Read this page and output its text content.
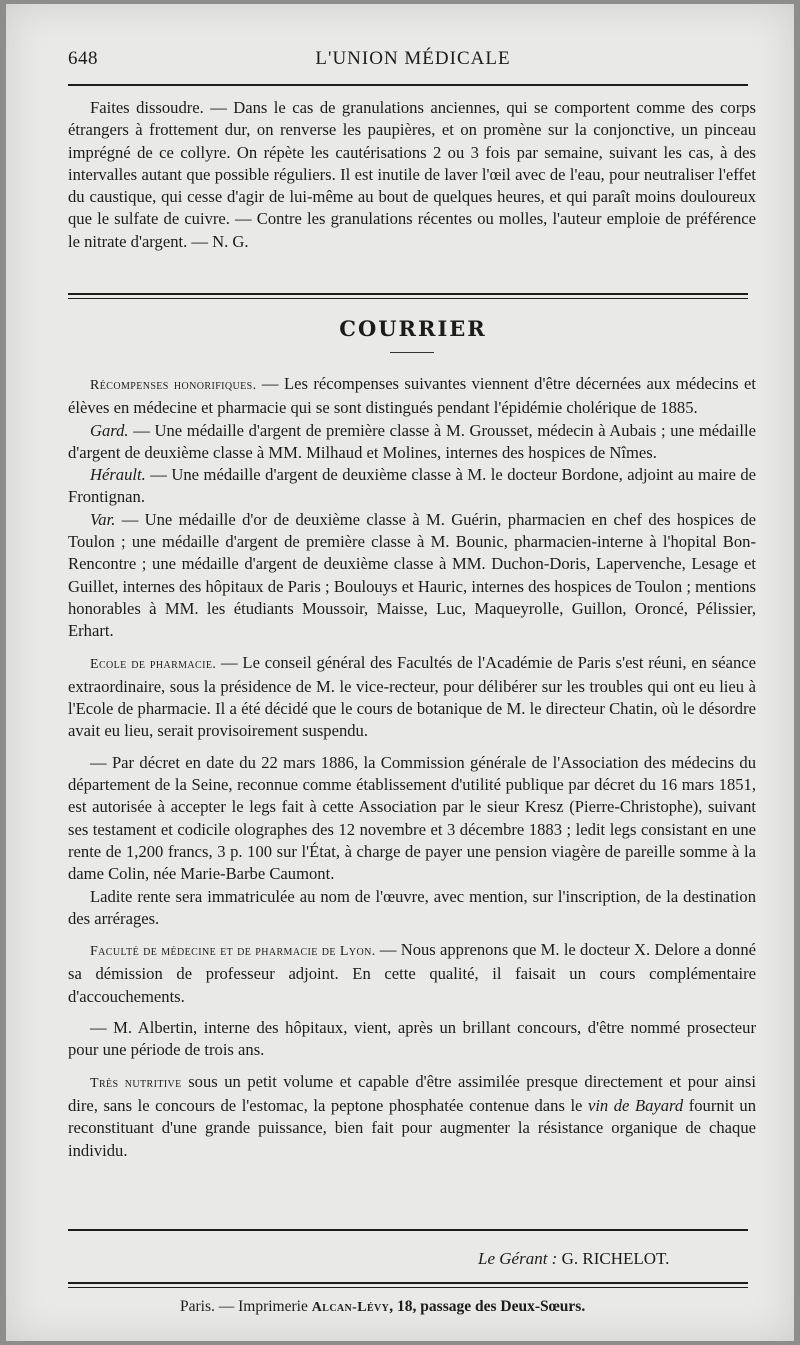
648	L'UNION MÉDICALE

Faites dissoudre. — Dans le cas de granulations anciennes, qui se comportent comme des corps étrangers à frottement dur, on renverse les paupières, et on promène sur la conjonctive, un pinceau imprégné de ce collyre. On répète les cautérisations 2 ou 3 fois par semaine, suivant les cas, à des intervalles autant que possible réguliers. Il est inutile de laver l'œil avec de l'eau, pour neutraliser l'effet du caustique, qui cesse d'agir de lui-même au bout de quelques heures, et qui paraît moins douloureux que le sulfate de cuivre. — Contre les granulations récentes ou molles, l'auteur emploie de préférence le nitrate d'argent. — N. G.

COURRIER

Récompenses honorifiques. — Les récompenses suivantes viennent d'être décernées aux médecins et élèves en médecine et pharmacie qui se sont distingués pendant l'épidémie cholérique de 1885.

Gard. — Une médaille d'argent de première classe à M. Grousset, médecin à Aubais ; une médaille d'argent de deuxième classe à MM. Milhaud et Molines, internes des hospices de Nîmes.

Hérault. — Une médaille d'argent de deuxième classe à M. le docteur Bordone, adjoint au maire de Frontignan.

Var. — Une médaille d'or de deuxième classe à M. Guérin, pharmacien en chef des hospices de Toulon ; une médaille d'argent de première classe à M. Bounic, pharmacien-interne à l'hopital Bon-Rencontre ; une médaille d'argent de deuxième classe à MM. Duchon-Doris, Lapervenche, Lesage et Guillet, internes des hôpitaux de Paris ; Boulouys et Hauric, internes des hospices de Toulon ; mentions honorables à MM. les étudiants Moussoir, Maisse, Luc, Maqueyrolle, Guillon, Oroncé, Pélissier, Erhart.

Ecole de pharmacie. — Le conseil général des Facultés de l'Académie de Paris s'est réuni, en séance extraordinaire, sous la présidence de M. le vice-recteur, pour délibérer sur les troubles qui ont eu lieu à l'Ecole de pharmacie. Il a été décidé que le cours de botanique de M. le directeur Chatin, où le désordre avait eu lieu, serait provisoirement suspendu.

— Par décret en date du 22 mars 1886, la Commission générale de l'Association des médecins du département de la Seine, reconnue comme établissement d'utilité publique par décret du 16 mars 1851, est autorisée à accepter le legs fait à cette Association par le sieur Kresz (Pierre-Christophe), suivant ses testament et codicile olographes des 12 novembre et 3 décembre 1883 ; ledit legs consistant en une rente de 1,200 francs, 3 p. 100 sur l'État, à charge de payer une pension viagère de pareille somme à la dame Colin, née Marie-Barbe Caumont.

Ladite rente sera immatriculée au nom de l'œuvre, avec mention, sur l'inscription, de la destination des arrérages.

Faculté de médecine et de pharmacie de Lyon. — Nous apprenons que M. le docteur X. Delore a donné sa démission de professeur adjoint. En cette qualité, il faisait un cours complémentaire d'accouchements.

— M. Albertin, interne des hôpitaux, vient, après un brillant concours, d'être nommé prosecteur pour une période de trois ans.

Très nutritive sous un petit volume et capable d'être assimilée presque directement et pour ainsi dire, sans le concours de l'estomac, la peptone phosphatée contenue dans le vin de Bayard fournit un reconstituant d'une grande puissance, bien fait pour augmenter la résistance organique de chaque individu.

Le Gérant : G. RICHELOT.
Paris. — Imprimerie Alcan-Lévy, 18, passage des Deux-Sœurs.
